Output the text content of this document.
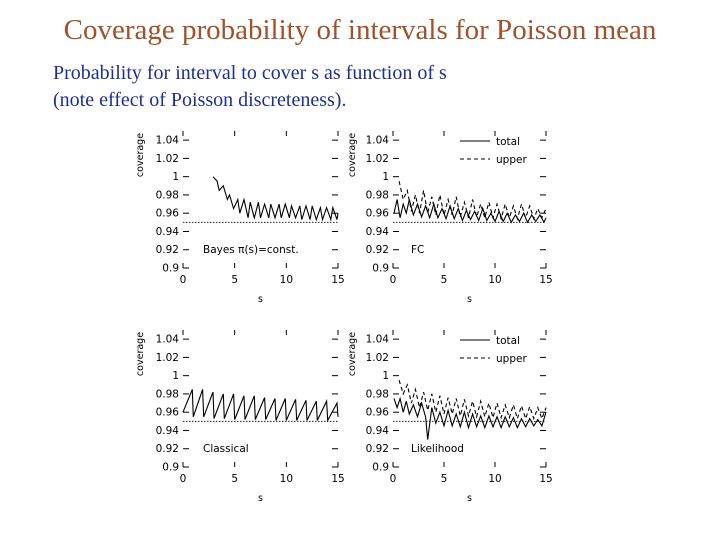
Coverage probability of intervals for Poisson mean
Probability for interval to cover s as function of s
(note effect of Poisson discreteness).
0.9
0.92
0.94
0.96
0.98
1
1.02
1.04
0	5	10	15
s
coverage
Bayes π(s)=const.
0.9
0.92
0.94
0.96
0.98
1
1.02
1.04
0	5	10	15
s
coverage	total
upper
FC
0.9
0.92
0.94
0.96
0.98
1
1.02
1.04
0	5	10	15
s
coverage
Classical
0.9
0.92
0.94
0.96
0.98
1
1.02
1.04
0	5	10	15
s
coverage	total
upper
Likelihood
